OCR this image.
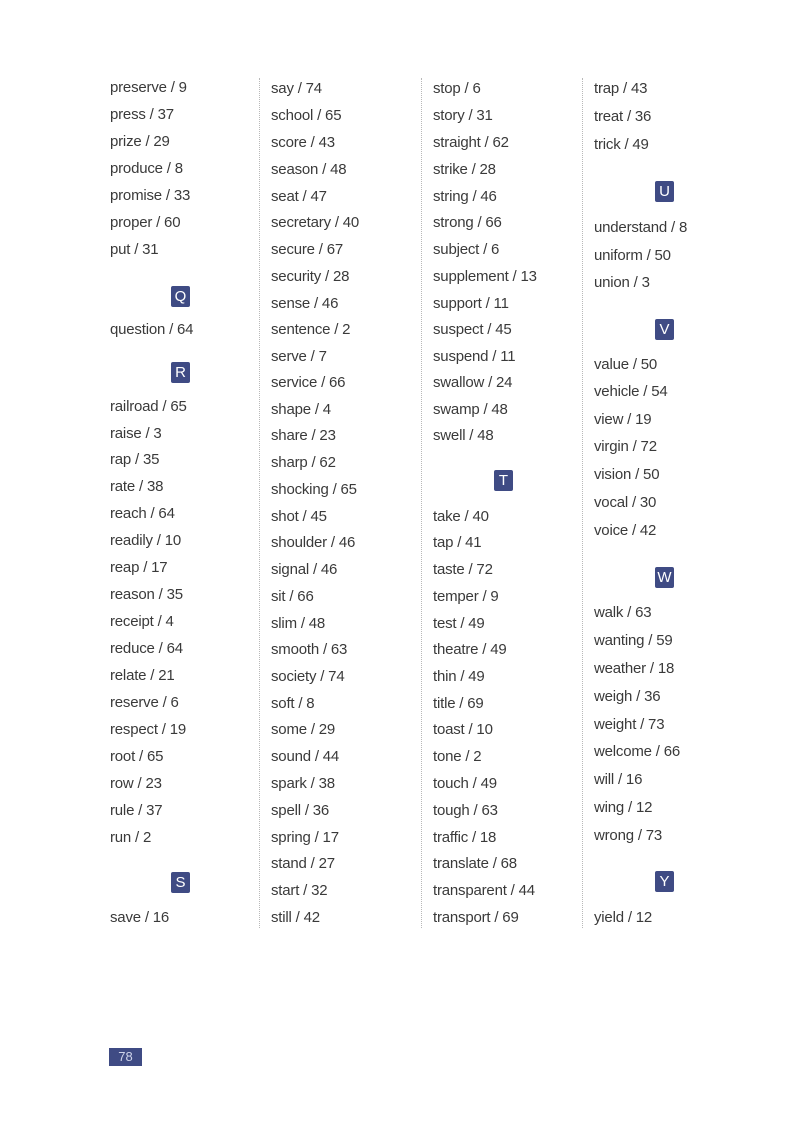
preserve / 9
press / 37
prize / 29
produce / 8
promise / 33
proper / 60
put / 31
Q
question / 64
R
railroad / 65
raise / 3
rap / 35
rate / 38
reach / 64
readily / 10
reap / 17
reason / 35
receipt / 4
reduce / 64
relate / 21
reserve / 6
respect / 19
root / 65
row / 23
rule / 37
run / 2
S
save / 16
say / 74
school / 65
score / 43
season / 48
seat / 47
secretary / 40
secure / 67
security / 28
sense / 46
sentence / 2
serve / 7
service / 66
shape / 4
share / 23
sharp / 62
shocking / 65
shot / 45
shoulder / 46
signal / 46
sit / 66
slim / 48
smooth / 63
society / 74
soft / 8
some / 29
sound / 44
spark / 38
spell / 36
spring / 17
stand / 27
start / 32
still / 42
stop / 6
story / 31
straight / 62
strike / 28
string / 46
strong / 66
subject / 6
supplement / 13
support / 11
suspect / 45
suspend / 11
swallow / 24
swamp / 48
swell / 48
T
take / 40
tap / 41
taste / 72
temper / 9
test / 49
theatre / 49
thin / 49
title / 69
toast / 10
tone / 2
touch / 49
tough / 63
traffic / 18
translate / 68
transparent / 44
transport / 69
trap / 43
treat / 36
trick / 49
U
understand / 8
uniform / 50
union / 3
V
value / 50
vehicle / 54
view / 19
virgin / 72
vision / 50
vocal / 30
voice / 42
W
walk / 63
wanting / 59
weather / 18
weigh / 36
weight / 73
welcome / 66
will / 16
wing / 12
wrong / 73
Y
yield / 12
78
